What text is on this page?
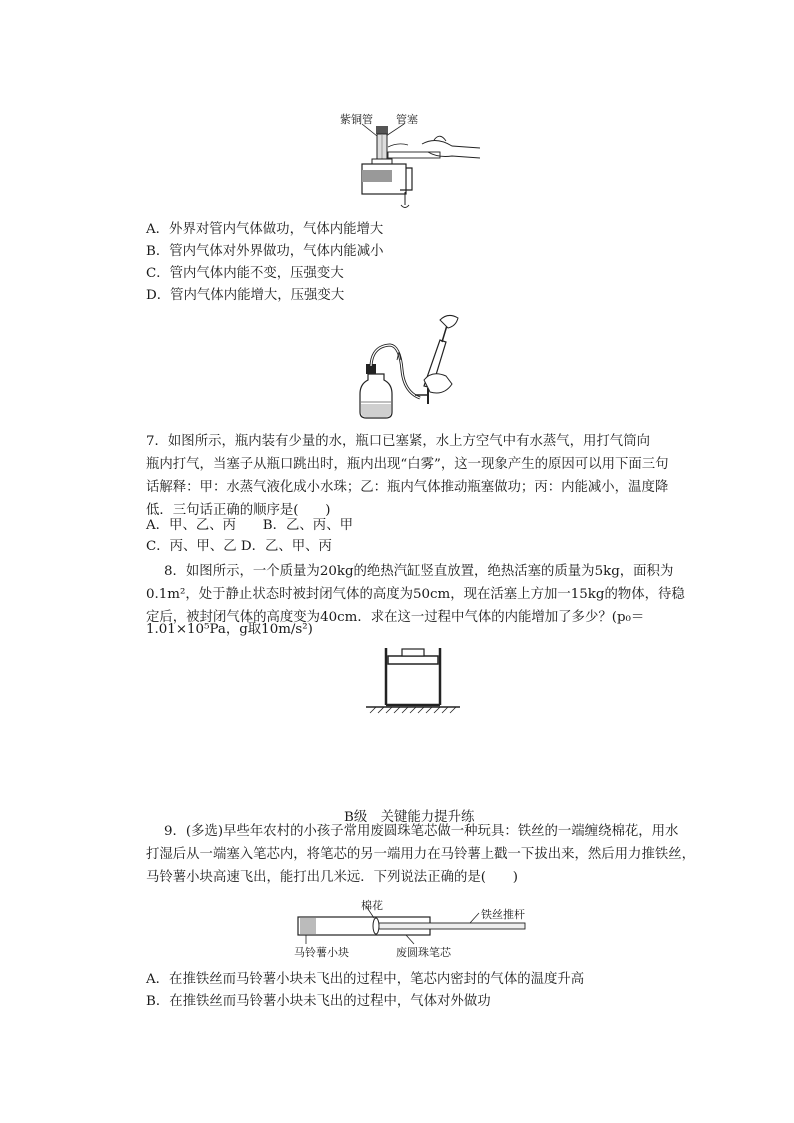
紫铜管 管塞
A．外界对管内气体做功，气体内能增大
B．管内气体对外界做功，气体内能减小
C．管内气体内能不变，压强变大
D．管内气体内能增大，压强变大
7．如图所示，瓶内装有少量的水，瓶口已塞紧，水上方空气中有水蒸气，用打气筒向
瓶内打气，当塞子从瓶口跳出时，瓶内出现“白雾”，这一现象产生的原因可以用下面三句
话解释：甲：水蒸气液化成小水珠；乙：瓶内气体推动瓶塞做功；丙：内能减小，温度降
低．三句话正确的顺序是(　　)
A．甲、乙、丙　　B．乙、丙、甲
C．丙、甲、乙 D．乙、甲、丙
8．如图所示，一个质量为20kg的绝热汽缸竖直放置，绝热活塞的质量为5kg，面积为
0.1m²，处于静止状态时被封闭气体的高度为50cm，现在活塞上方加一15kg的物体，待稳
定后，被封闭气体的高度变为40cm．求在这一过程中气体的内能增加了多少？(p₀＝
1.01×10⁵Pa，g取10m/s²)
B级　关键能力提升练
9．(多选)早些年农村的小孩子常用废圆珠笔芯做一种玩具：铁丝的一端缠绕棉花，用水
打湿后从一端塞入笔芯内，将笔芯的另一端用力在马铃薯上戳一下拔出来，然后用力推铁丝，
马铃薯小块高速飞出，能打出几米远．下列说法正确的是(　　)
棉花
铁丝推杆
马铃薯小块	废圆珠笔芯
A．在推铁丝而马铃薯小块未飞出的过程中，笔芯内密封的气体的温度升高
B．在推铁丝而马铃薯小块未飞出的过程中，气体对外做功
